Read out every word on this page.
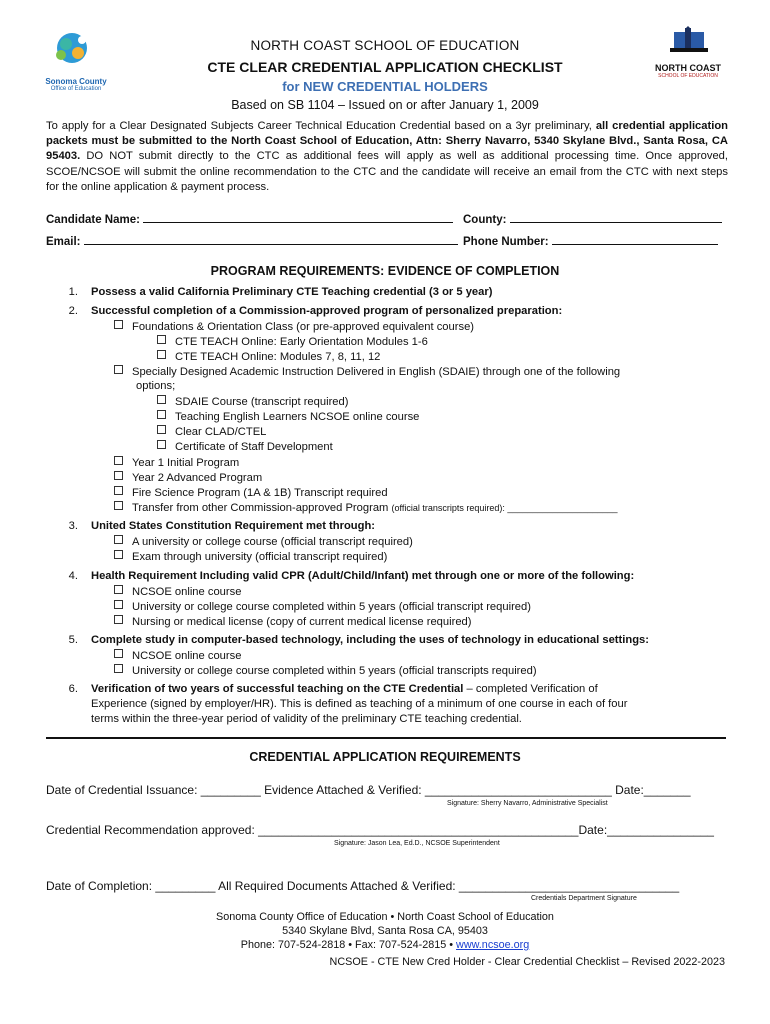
Sonoma County
Office of Education
NORTH COAST
SCHOOL OF EDUCATION
NORTH COAST SCHOOL OF EDUCATION
CTE CLEAR CREDENTIAL APPLICATION CHECKLIST
for NEW CREDENTIAL HOLDERS
Based on SB 1104 – Issued on or after January 1, 2009
To apply for a Clear Designated Subjects Career Technical Education Credential based on a 3yr preliminary, all credential application packets must be submitted to the North Coast School of Education, Attn: Sherry Navarro, 5340 Skylane Blvd., Santa Rosa, CA 95403. DO NOT submit directly to the CTC as additional fees will apply as well as additional processing time. Once approved, SCOE/NCSOE will submit the online recommendation to the CTC and the candidate will receive an email from the CTC with next steps for the online application & payment process.
Candidate Name:	County:
Email:	Phone Number:
PROGRAM REQUIREMENTS: EVIDENCE OF COMPLETION
1. Possess a valid California Preliminary CTE Teaching credential (3 or 5 year)
2. Successful completion of a Commission-approved program of personalized preparation:
Foundations & Orientation Class (or pre-approved equivalent course)
CTE TEACH Online: Early Orientation Modules 1-6
CTE TEACH Online: Modules 7, 8, 11, 12
Specially Designed Academic Instruction Delivered in English (SDAIE) through one of the following
options;
SDAIE Course (transcript required)
Teaching English Learners NCSOE online course
Clear CLAD/CTEL
Certificate of Staff Development
Year 1 Initial Program
Year 2 Advanced Program
Fire Science Program (1A & 1B) Transcript required
Transfer from other Commission-approved Program (official transcripts required): ______________________
3. United States Constitution Requirement met through:
A university or college course (official transcript required)
Exam through university (official transcript required)
4. Health Requirement Including valid CPR (Adult/Child/Infant) met through one or more of the following:
NCSOE online course
University or college course completed within 5 years (official transcript required)
Nursing or medical license (copy of current medical license required)
5. Complete study in computer-based technology, including the uses of technology in educational settings:
NCSOE online course
University or college course completed within 5 years (official transcripts required)
6. Verification of two years of successful teaching on the CTE Credential – completed Verification of
Experience (signed by employer/HR). This is defined as teaching of a minimum of one course in each of four
terms within the three-year period of validity of the preliminary CTE teaching credential.
CREDENTIAL APPLICATION REQUIREMENTS
Date of Credential Issuance: _________ Evidence Attached & Verified: ____________________________ Date:_______
Signature: Sherry Navarro, Administrative Specialist
Credential Recommendation approved: ________________________________________________Date:________________
Signature: Jason Lea, Ed.D., NCSOE Superintendent
Date of Completion: _________ All Required Documents Attached & Verified: _________________________________
Credentials Department Signature
Sonoma County Office of Education • North Coast School of Education
5340 Skylane Blvd, Santa Rosa CA, 95403
Phone: 707-524-2818 • Fax: 707-524-2815 • www.ncsoe.org
NCSOE - CTE New Cred Holder - Clear Credential Checklist – Revised 2022-2023
